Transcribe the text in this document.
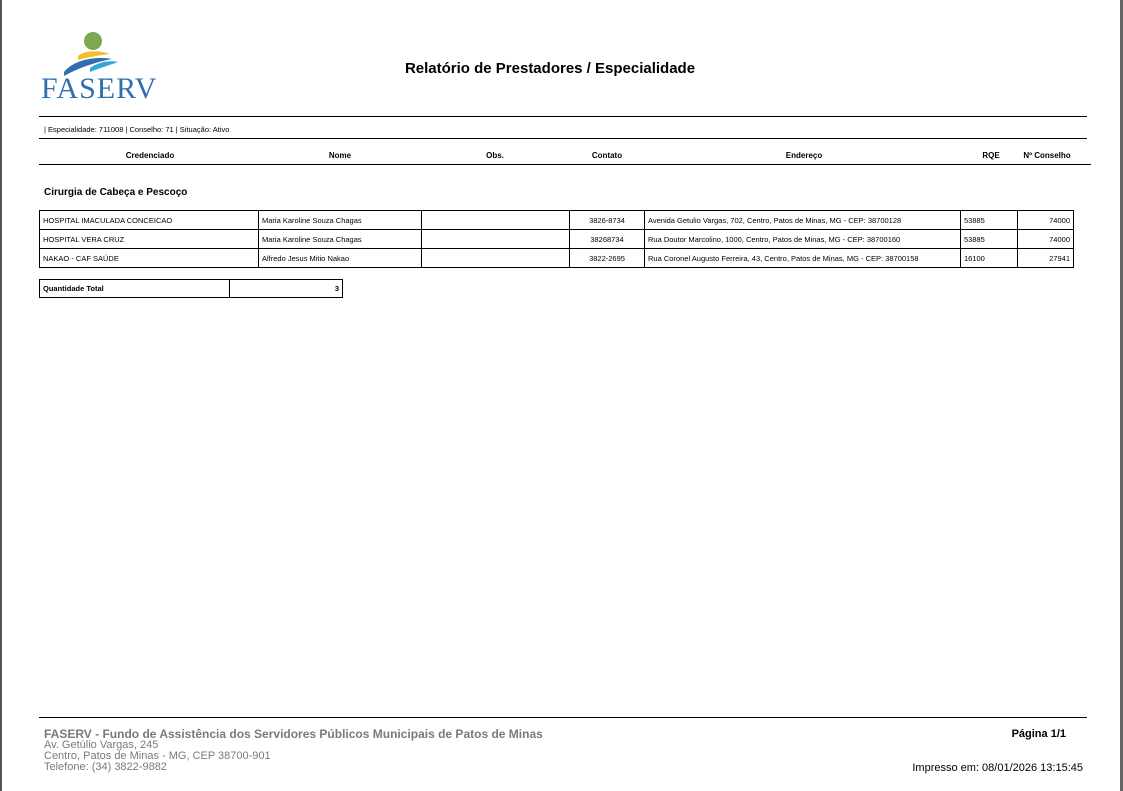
FASERV
Relatório de Prestadores / Especialidade
| Especialidade: 711008 | Conselho: 71 | Situação: Ativo
Credenciado	Nome	Obs.	Contato	Endereço	RQE	Nº Conselho
Cirurgia de Cabeça e Pescoço
HOSPITAL IMACULADA CONCEICAO	Maria Karoline Souza Chagas		3826-8734	Avenida Getulio Vargas, 702, Centro, Patos de Minas, MG - CEP: 38700128	53885	74000
HOSPITAL VERA CRUZ	Maria Karoline Souza Chagas		38268734	Rua Doutor Marcolino, 1000, Centro, Patos de Minas, MG - CEP: 38700160	53885	74000
NAKAO - CAF SAÚDE	Alfredo Jesus Mitio Nakao		3822-2695	Rua Coronel Augusto Ferreira, 43, Centro, Patos de Minas, MG - CEP: 38700158	16100	27941
Quantidade Total	3
FASERV - Fundo de Assistência dos Servidores Públicos Municipais de Patos de Minas
Av. Getúlio Vargas, 245
Centro, Patos de Minas - MG, CEP 38700-901
Telefone: (34) 3822-9882
Página 1/1
Impresso em: 08/01/2026 13:15:45
